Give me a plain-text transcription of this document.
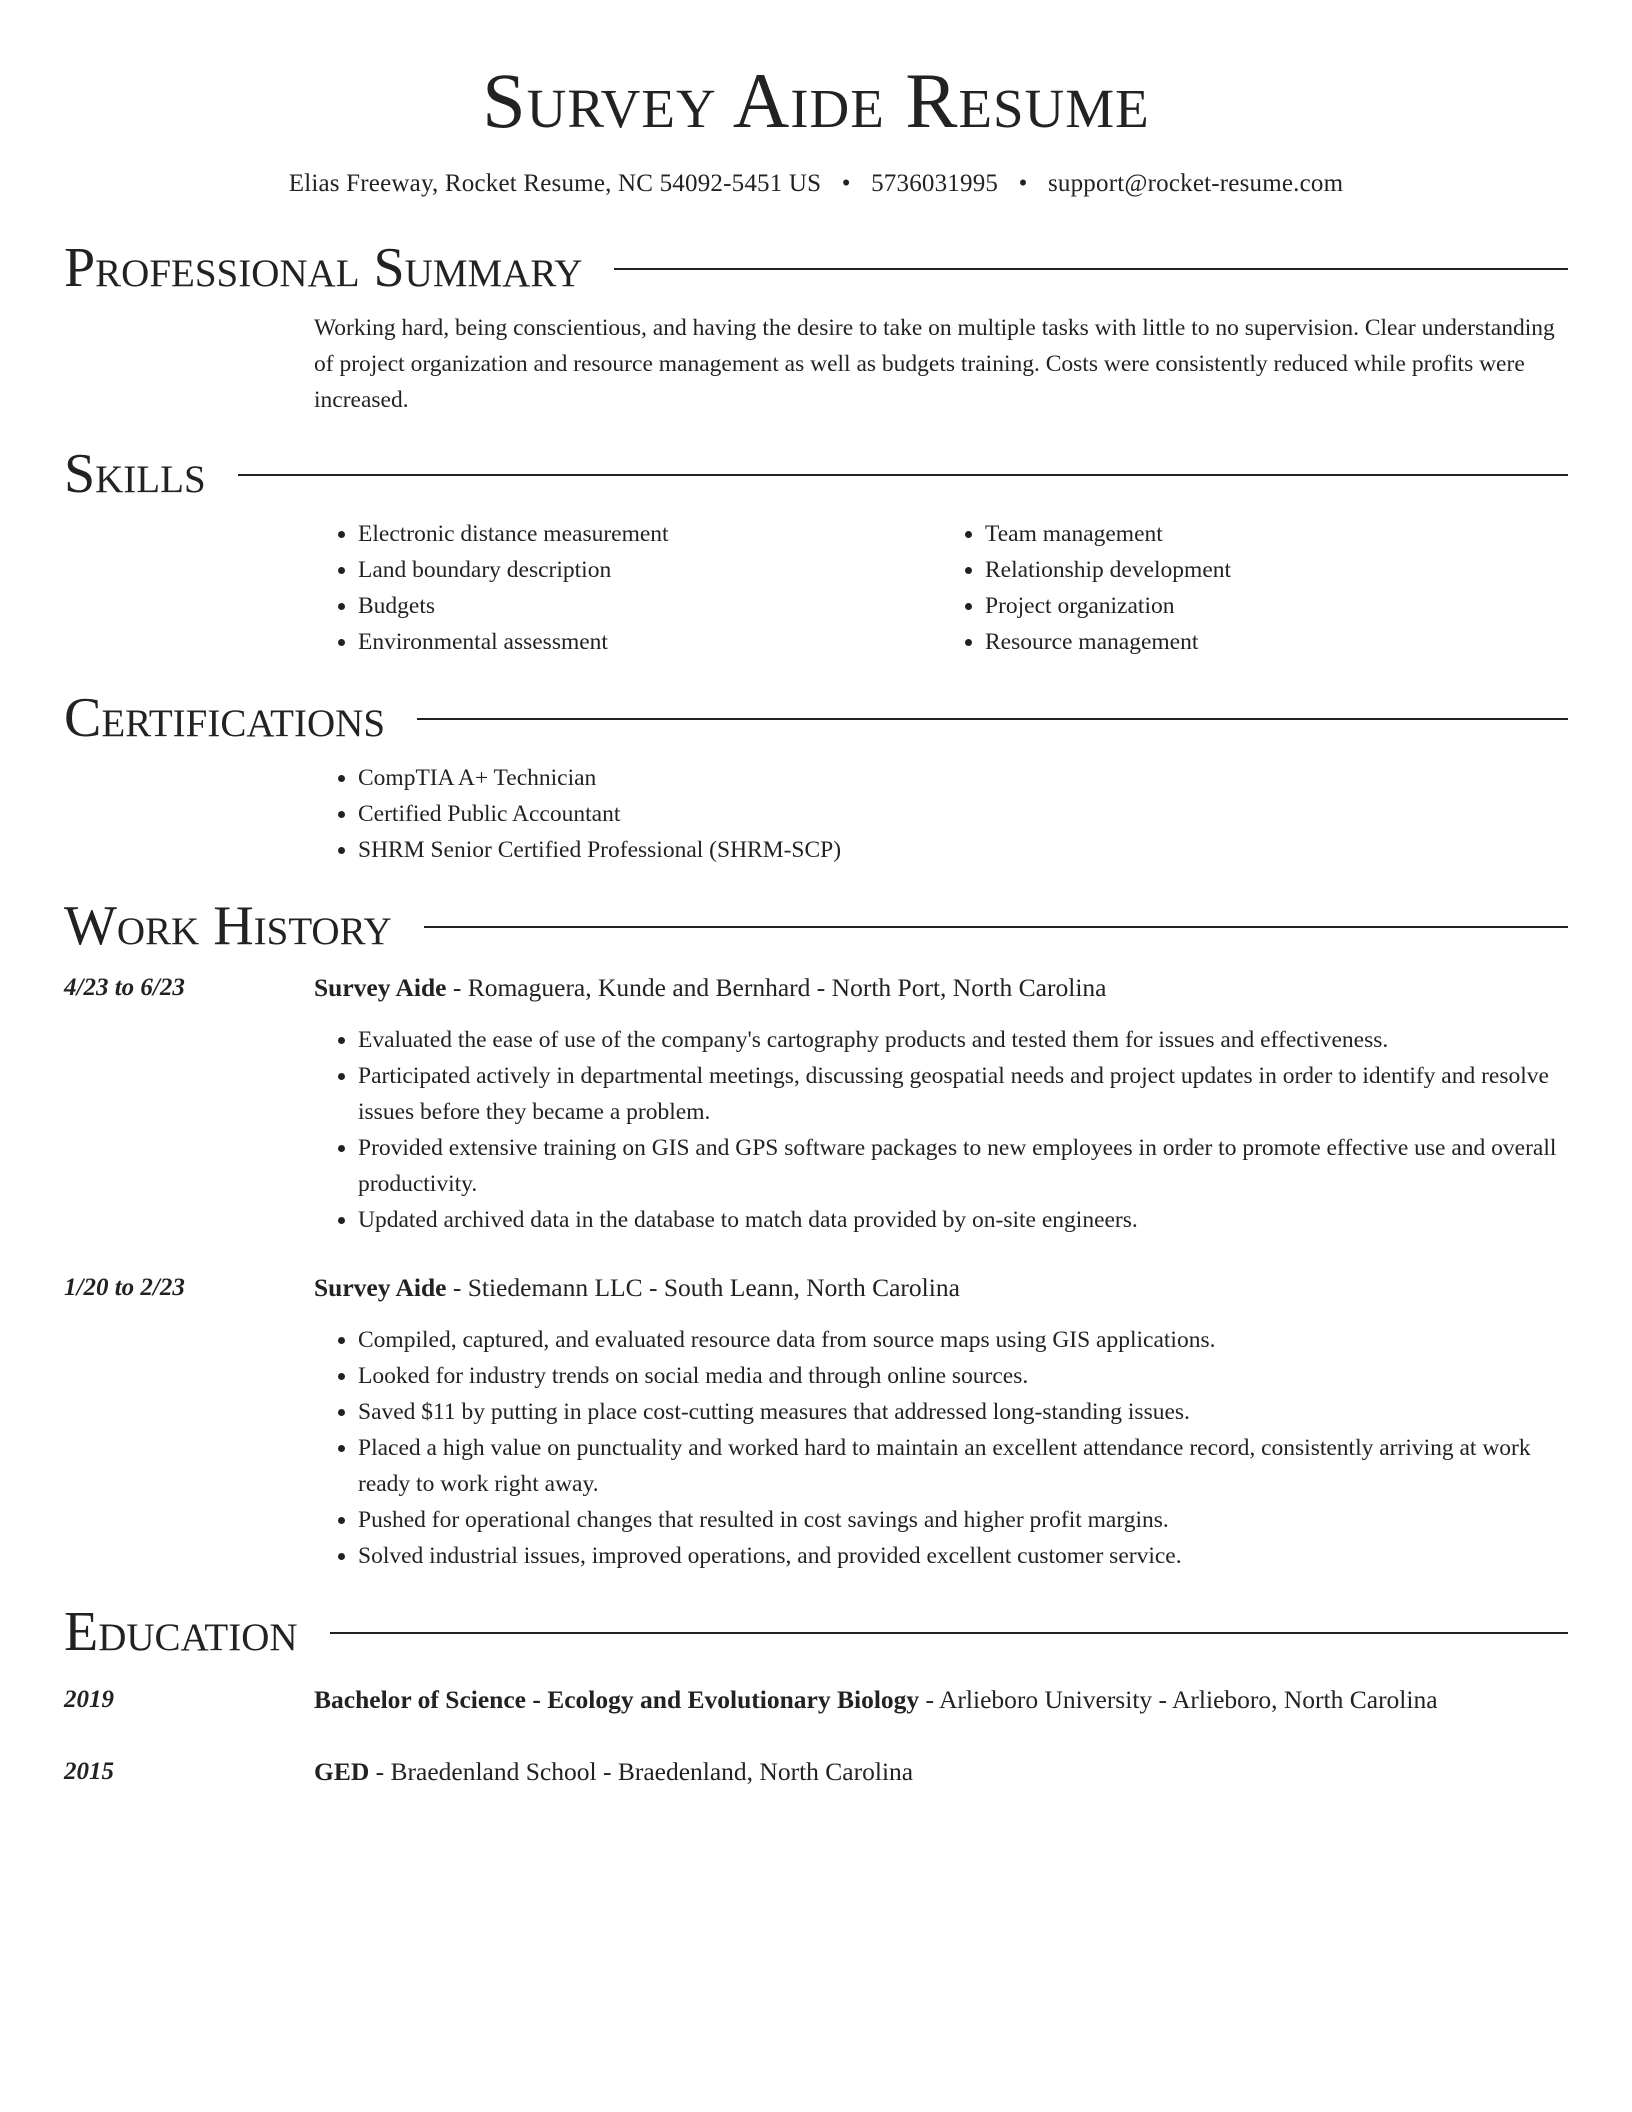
Survey Aide Resume
Elias Freeway, Rocket Resume, NC 54092-5451 US • 5736031995 • support@rocket-resume.com
Professional Summary

Working hard, being conscientious, and having the desire to take on multiple tasks with little to no supervision. Clear understanding of project organization and resource management as well as budgets training. Costs were consistently reduced while profits were increased.

Skills
• Electronic distance measurement
• Land boundary description
• Budgets
• Environmental assessment
• Team management
• Relationship development
• Project organization
• Resource management
Certifications
• CompTIA A+ Technician
• Certified Public Accountant
• SHRM Senior Certified Professional (SHRM-SCP)
Work History
4/23 to 6/23	Survey Aide - Romaguera, Kunde and Bernhard - North Port, North Carolina
• Evaluated the ease of use of the company's cartography products and tested them for issues and effectiveness.
• Participated actively in departmental meetings, discussing geospatial needs and project updates in order to identify and resolve issues before they became a problem.
• Provided extensive training on GIS and GPS software packages to new employees in order to promote effective use and overall productivity.
• Updated archived data in the database to match data provided by on-site engineers.
1/20 to 2/23	Survey Aide - Stiedemann LLC - South Leann, North Carolina
• Compiled, captured, and evaluated resource data from source maps using GIS applications.
• Looked for industry trends on social media and through online sources.
• Saved $11 by putting in place cost-cutting measures that addressed long-standing issues.
• Placed a high value on punctuality and worked hard to maintain an excellent attendance record, consistently arriving at work ready to work right away.
• Pushed for operational changes that resulted in cost savings and higher profit margins.
• Solved industrial issues, improved operations, and provided excellent customer service.
Education
2019	Bachelor of Science - Ecology and Evolutionary Biology - Arlieboro University - Arlieboro, North Carolina
2015	GED - Braedenland School - Braedenland, North Carolina
